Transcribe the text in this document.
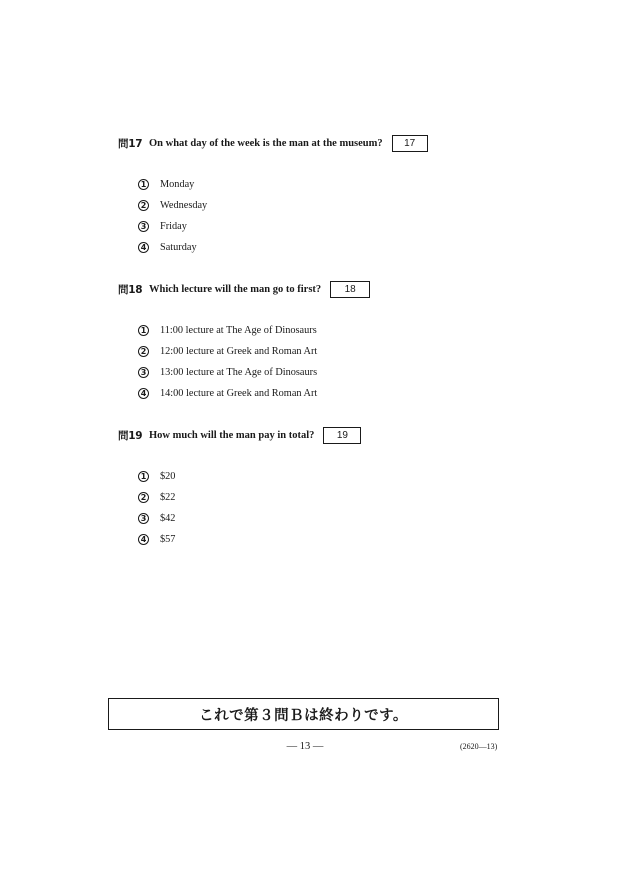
問17 On what day of the week is the man at the museum?	17
1 Monday
2 Wednesday
3 Friday
4 Saturday
問18 Which lecture will the man go to first?	18
1 11:00 lecture at The Age of Dinosaurs
2 12:00 lecture at Greek and Roman Art
3 13:00 lecture at The Age of Dinosaurs
4 14:00 lecture at Greek and Roman Art
問19 How much will the man pay in total?	19
1 $20
2 $22
3 $42
4 $57
これで第３問Ｂは終わりです。
— 13 —	(2620—13)
